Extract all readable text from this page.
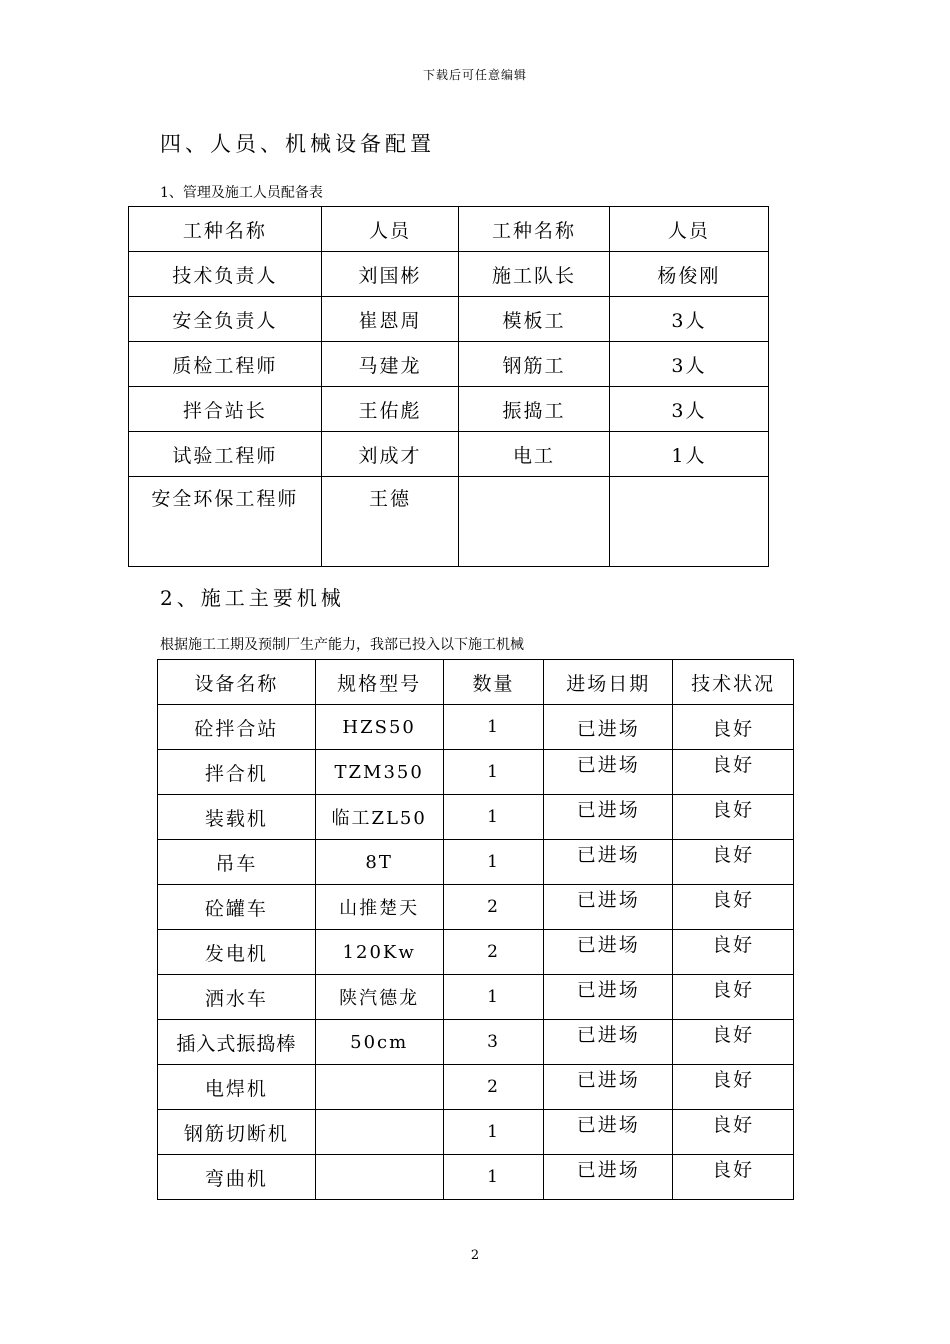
下载后可任意编辑
四、人员、机械设备配置
1、管理及施工人员配备表
工种名称	人员	工种名称	人员
技术负责人	刘国彬	施工队长	杨俊刚
安全负责人	崔恩周	模板工	3人
质检工程师	马建龙	钢筋工	3人
拌合站长	王佑彪	振捣工	3人
试验工程师	刘成才	电工	1人
安全环保工程师	王德		
2、施工主要机械
根据施工工期及预制厂生产能力，我部已投入以下施工机械
设备名称	规格型号	数量	进场日期	技术状况
砼拌合站	HZS50	1	已进场	良好
拌合机	TZM350	1	已进场	良好
装载机	临工ZL50	1	已进场	良好
吊车	8T	1	已进场	良好
砼罐车	山推楚天	2	已进场	良好
发电机	120Kw	2	已进场	良好
洒水车	陕汽德龙	1	已进场	良好
插入式振捣棒	50cm	3	已进场	良好
电焊机		2	已进场	良好
钢筋切断机		1	已进场	良好
弯曲机		1	已进场	良好
2
